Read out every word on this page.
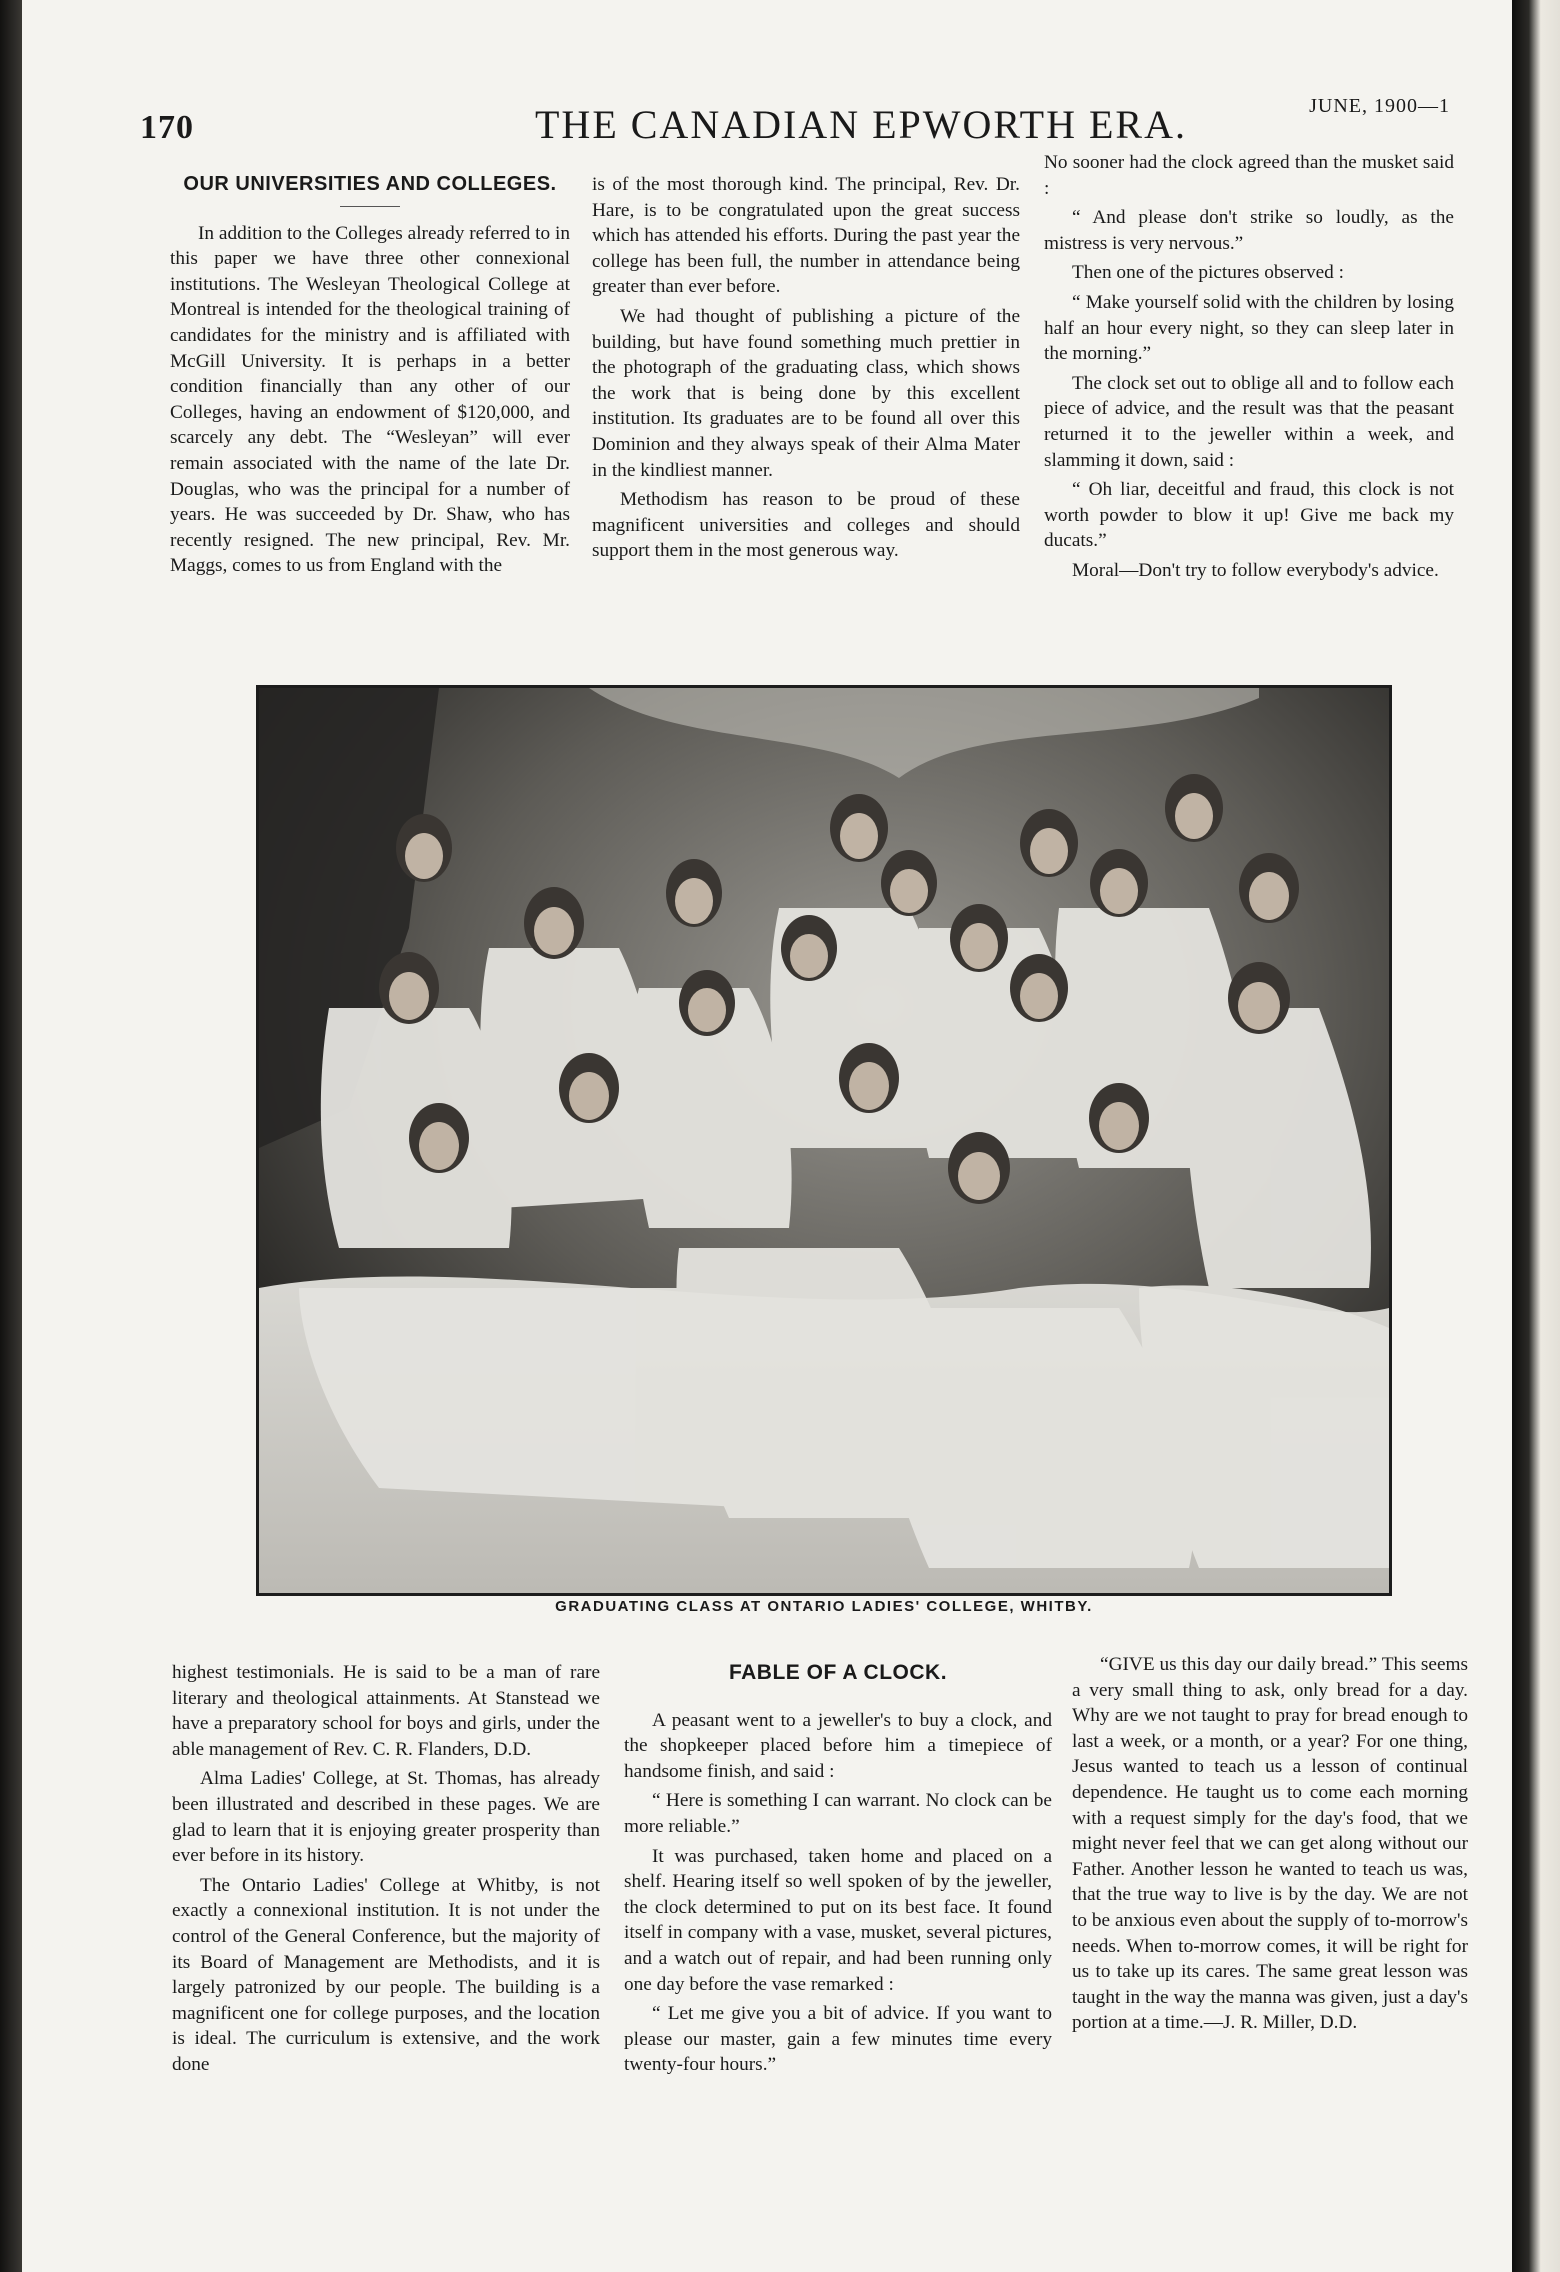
170	THE CANADIAN EPWORTH ERA.	JUNE, 1900—1
OUR UNIVERSITIES AND COLLEGES.

In addition to the Colleges already referred to in this paper we have three other connexional institutions. The Wesleyan Theological College at Montreal is intended for the theological training of candidates for the ministry and is affiliated with McGill University. It is perhaps in a better condition financially than any other of our Colleges, having an endowment of $120,000, and scarcely any debt. The “Wesleyan” will ever remain associated with the name of the late Dr. Douglas, who was the principal for a number of years. He was succeeded by Dr. Shaw, who has recently resigned. The new principal, Rev. Mr. Maggs, comes to us from England with the

is of the most thorough kind. The principal, Rev. Dr. Hare, is to be congratulated upon the great success which has attended his efforts. During the past year the college has been full, the number in attendance being greater than ever before.

We had thought of publishing a picture of the building, but have found something much prettier in the photograph of the graduating class, which shows the work that is being done by this excellent institution. Its graduates are to be found all over this Dominion and they always speak of their Alma Mater in the kindliest manner.

Methodism has reason to be proud of these magnificent universities and colleges and should support them in the most generous way.

No sooner had the clock agreed than the musket said :

“ And please don't strike so loudly, as the mistress is very nervous.”

Then one of the pictures observed :

“ Make yourself solid with the children by losing half an hour every night, so they can sleep later in the morning.”

The clock set out to oblige all and to follow each piece of advice, and the result was that the peasant returned it to the jeweller within a week, and slamming it down, said :

“ Oh liar, deceitful and fraud, this clock is not worth powder to blow it up! Give me back my ducats.”

Moral—Don't try to follow everybody's advice.

GRADUATING CLASS AT ONTARIO LADIES' COLLEGE, WHITBY.

highest testimonials. He is said to be a man of rare literary and theological attainments. At Stanstead we have a preparatory school for boys and girls, under the able management of Rev. C. R. Flanders, D.D.

Alma Ladies' College, at St. Thomas, has already been illustrated and described in these pages. We are glad to learn that it is enjoying greater prosperity than ever before in its history.

The Ontario Ladies' College at Whitby, is not exactly a connexional institution. It is not under the control of the General Conference, but the majority of its Board of Management are Methodists, and it is largely patronized by our people. The building is a magnificent one for college purposes, and the location is ideal. The curriculum is extensive, and the work done

FABLE OF A CLOCK.

A peasant went to a jeweller's to buy a clock, and the shopkeeper placed before him a timepiece of handsome finish, and said :

“ Here is something I can warrant. No clock can be more reliable.”

It was purchased, taken home and placed on a shelf. Hearing itself so well spoken of by the jeweller, the clock determined to put on its best face. It found itself in company with a vase, musket, several pictures, and a watch out of repair, and had been running only one day before the vase remarked :

“ Let me give you a bit of advice. If you want to please our master, gain a few minutes time every twenty-four hours.”

“GIVE us this day our daily bread.” This seems a very small thing to ask, only bread for a day. Why are we not taught to pray for bread enough to last a week, or a month, or a year? For one thing, Jesus wanted to teach us a lesson of continual dependence. He taught us to come each morning with a request simply for the day's food, that we might never feel that we can get along without our Father. Another lesson he wanted to teach us was, that the true way to live is by the day. We are not to be anxious even about the supply of to-morrow's needs. When to-morrow comes, it will be right for us to take up its cares. The same great lesson was taught in the way the manna was given, just a day's portion at a time.—J. R. Miller, D.D.
